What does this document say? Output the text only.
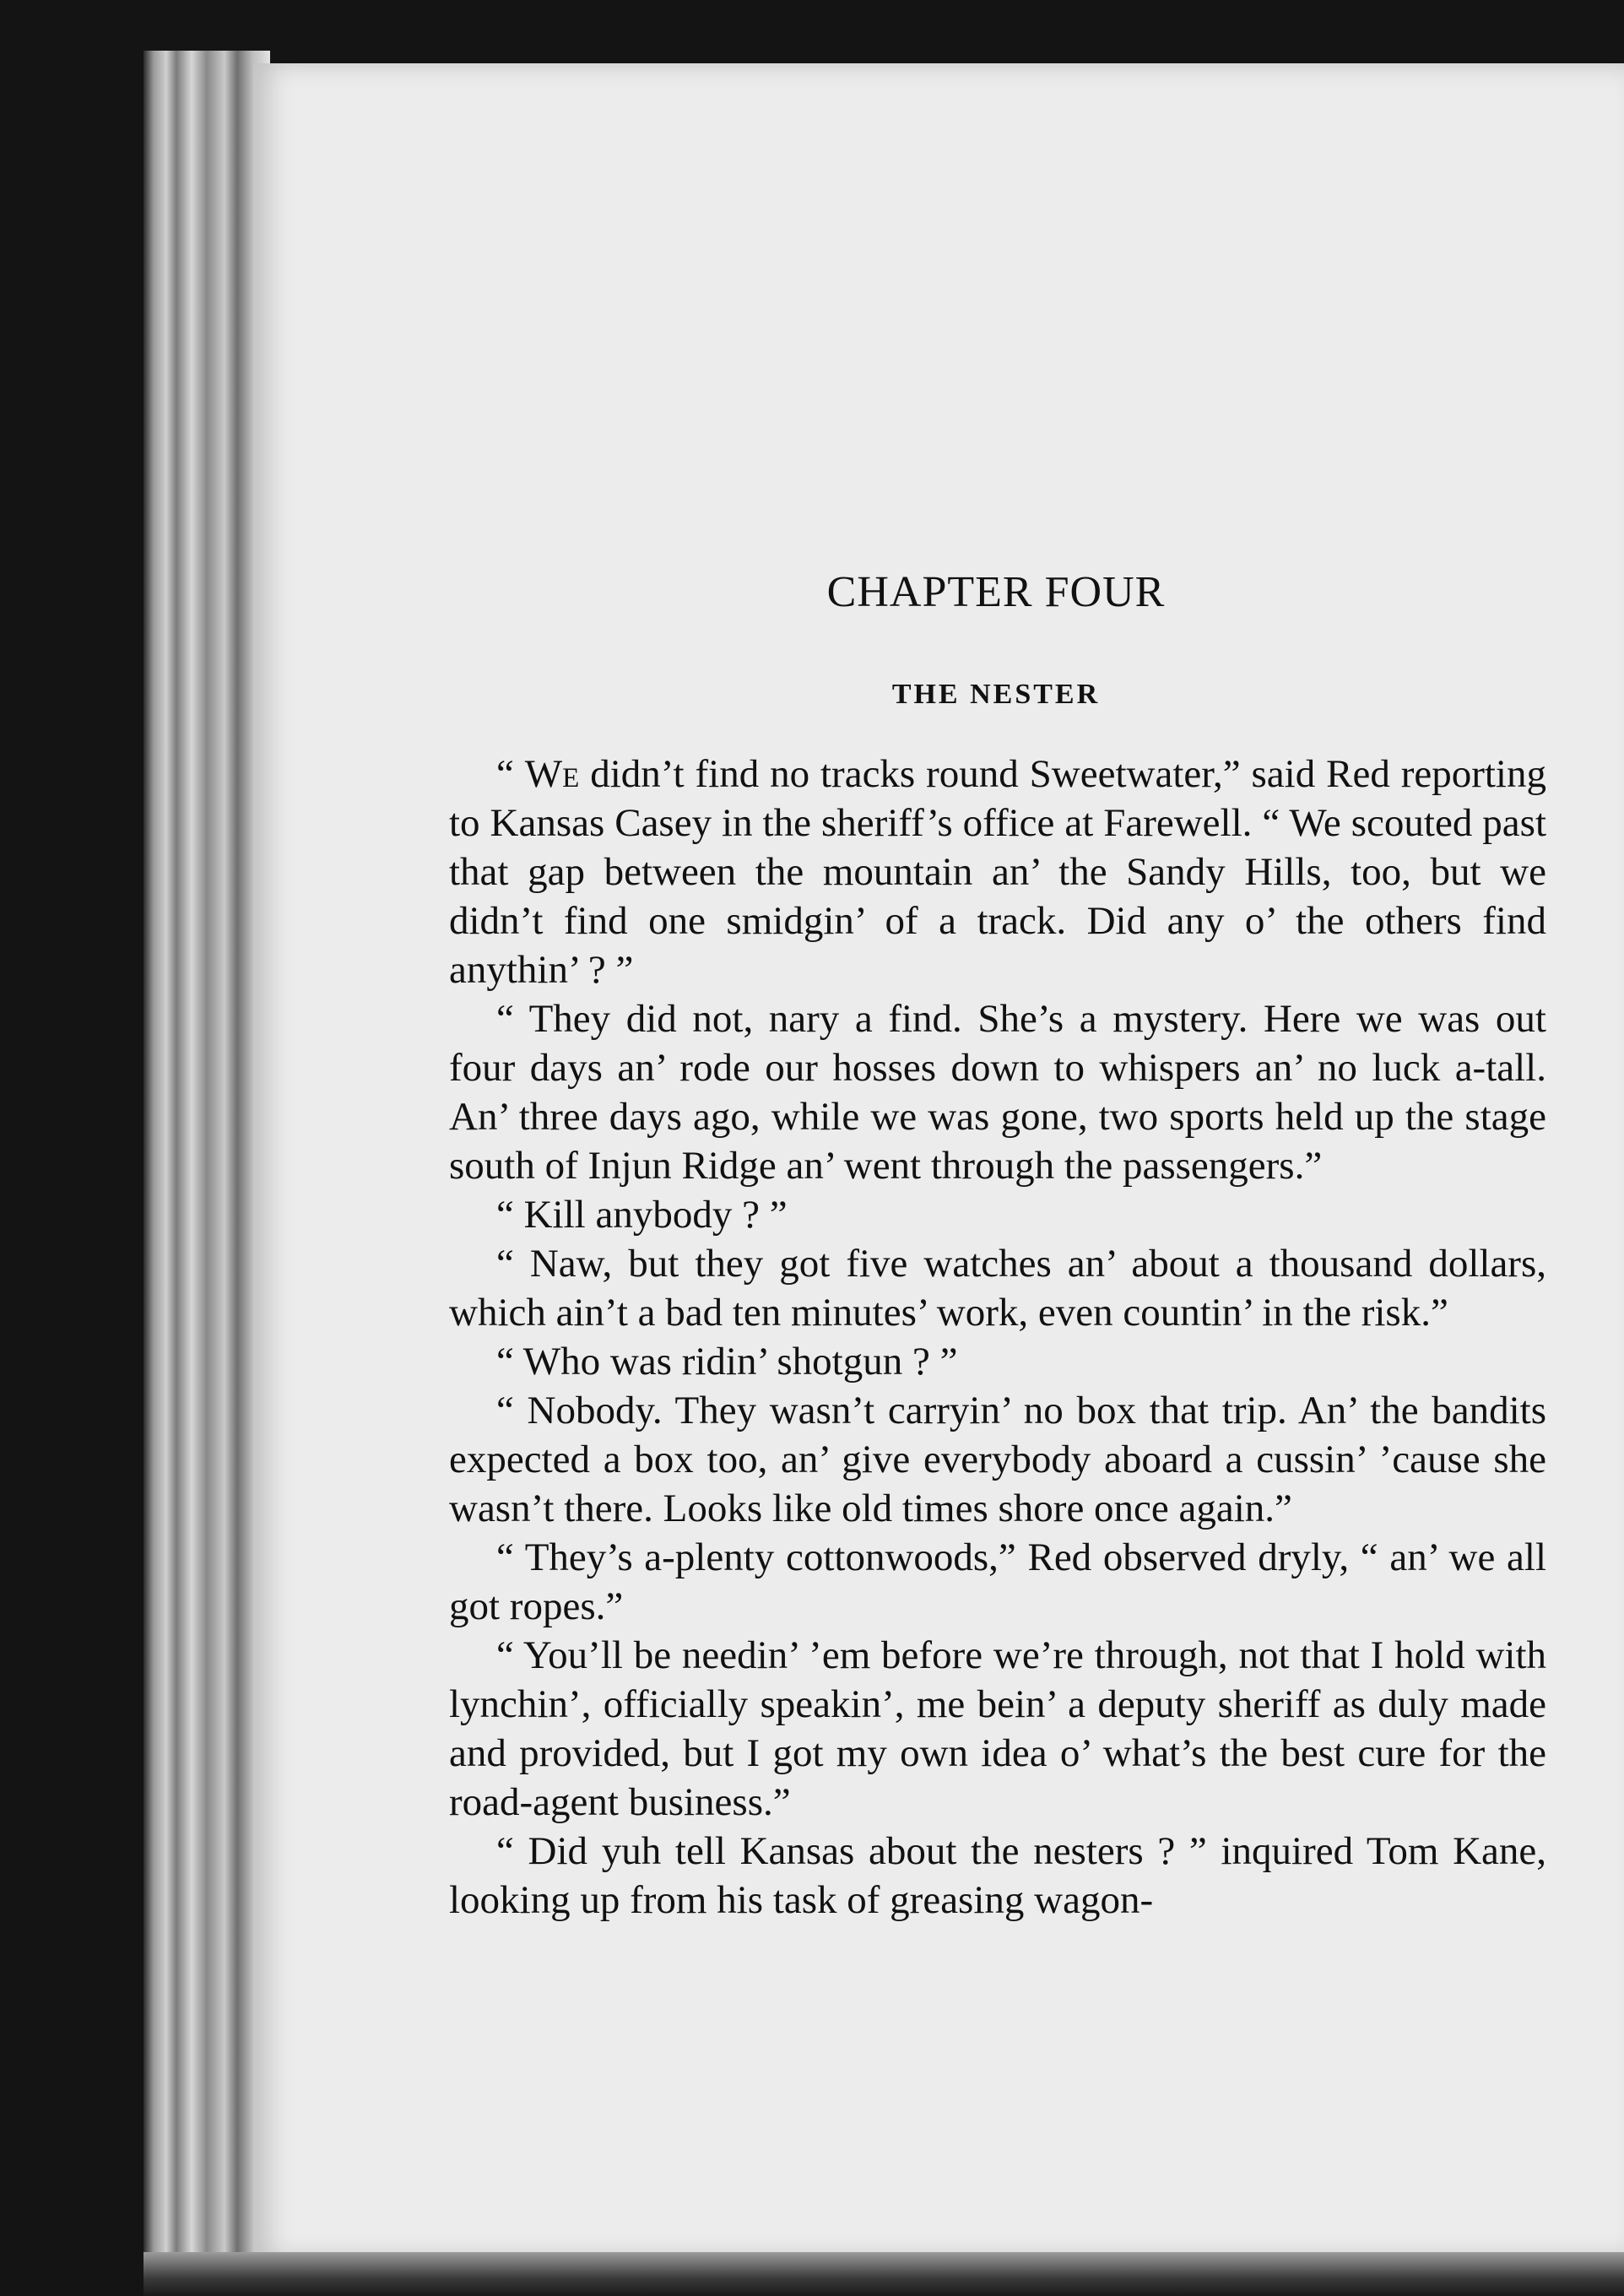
CHAPTER FOUR
THE NESTER

“ We didn’t find no tracks round Sweetwater,” said Red reporting to Kansas Casey in the sheriff’s office at Farewell. “ We scouted past that gap between the mountain an’ the Sandy Hills, too, but we didn’t find one smidgin’ of a track. Did any o’ the others find anythin’ ? ”

“ They did not, nary a find. She’s a mystery. Here we was out four days an’ rode our hosses down to whispers an’ no luck a-tall. An’ three days ago, while we was gone, two sports held up the stage south of Injun Ridge an’ went through the passengers.”

“ Kill anybody ? ”

“ Naw, but they got five watches an’ about a thousand dollars, which ain’t a bad ten minutes’ work, even countin’ in the risk.”

“ Who was ridin’ shotgun ? ”

“ Nobody. They wasn’t carryin’ no box that trip. An’ the bandits expected a box too, an’ give everybody aboard a cussin’ ’cause she wasn’t there. Looks like old times shore once again.”

“ They’s a-plenty cottonwoods,” Red observed dryly, “ an’ we all got ropes.”

“ You’ll be needin’ ’em before we’re through, not that I hold with lynchin’, officially speakin’, me bein’ a deputy sheriff as duly made and provided, but I got my own idea o’ what’s the best cure for the road-agent business.”

“ Did yuh tell Kansas about the nesters ? ” inquired Tom Kane, looking up from his task of greasing wagon-
